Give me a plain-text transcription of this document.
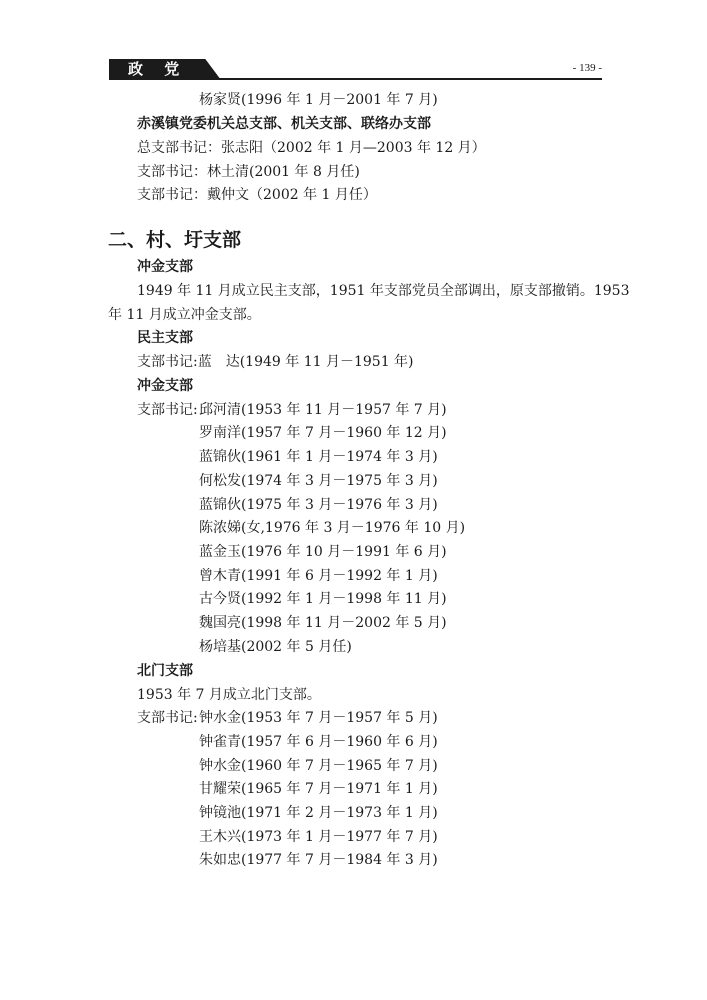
政 党	- 139 -
杨家贤(1996 年 1 月－2001 年 7 月)
赤溪镇党委机关总支部、机关支部、联络办支部
总支部书记：张志阳（2002 年 1 月—2003 年 12 月）
支部书记：林土清(2001 年 8 月任)
支部书记：戴仲文（2002 年 1 月任）
二、村、圩支部
冲金支部
1949 年 11 月成立民主支部，1951 年支部党员全部调出，原支部撤销。1953
年 11 月成立冲金支部。
民主支部
支部书记:蓝　达(1949 年 11 月－1951 年)
冲金支部
支部书记: 邱河清(1953 年 11 月－1957 年 7 月)
罗南洋(1957 年 7 月－1960 年 12 月)
蓝锦伙(1961 年 1 月－1974 年 3 月)
何松发(1974 年 3 月－1975 年 3 月)
蓝锦伙(1975 年 3 月－1976 年 3 月)
陈浓娣(女,1976 年 3 月－1976 年 10 月)
蓝金玉(1976 年 10 月－1991 年 6 月)
曾木青(1991 年 6 月－1992 年 1 月)
古今贤(1992 年 1 月－1998 年 11 月)
魏国亮(1998 年 11 月－2002 年 5 月)
杨培基(2002 年 5 月任)
北门支部
1953 年 7 月成立北门支部。
支部书记: 钟水金(1953 年 7 月－1957 年 5 月)
钟雀青(1957 年 6 月－1960 年 6 月)
钟水金(1960 年 7 月－1965 年 7 月)
甘耀荣(1965 年 7 月－1971 年 1 月)
钟镜池(1971 年 2 月－1973 年 1 月)
王木兴(1973 年 1 月－1977 年 7 月)
朱如忠(1977 年 7 月－1984 年 3 月)
